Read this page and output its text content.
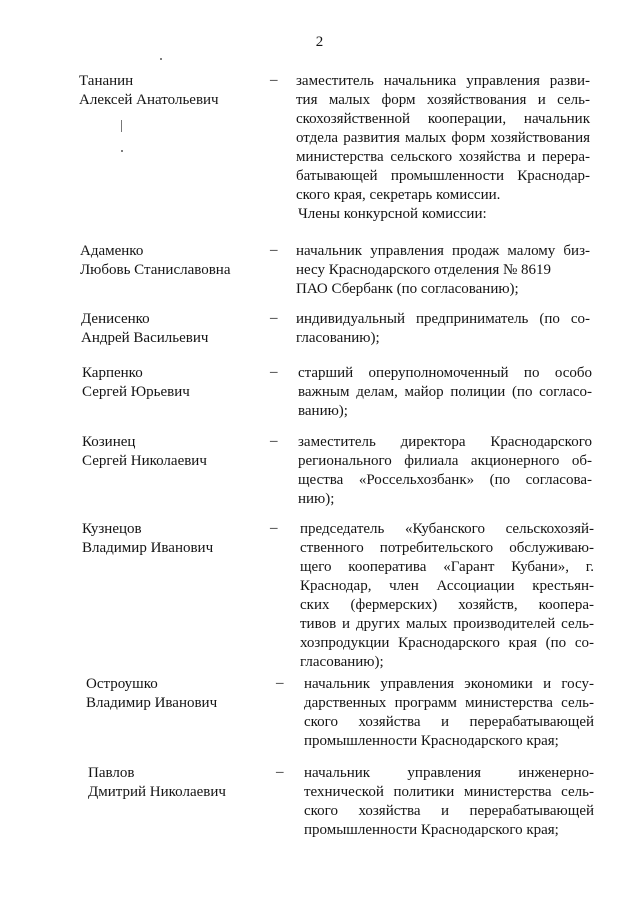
2
Тананин
Алексей Анатольевич
– заместитель начальника управления разви-
тия малых форм хозяйствования и сель-
скохозяйственной кооперации, начальник
отдела развития малых форм хозяйствования
министерства сельского хозяйства и перера-
батывающей промышленности Краснодар-
ского края, секретарь комиссии.
Члены конкурсной комиссии:
Адаменко
Любовь Станиславовна
– начальник управления продаж малому биз-
несу Краснодарского отделения № 8619
ПАО Сбербанк (по согласованию);
Денисенко
Андрей Васильевич
– индивидуальный предприниматель (по со-
гласованию);
Карпенко
Сергей Юрьевич
– старший оперуполномоченный по особо
важным делам, майор полиции (по согласо-
ванию);
Козинец
Сергей Николаевич
– заместитель директора Краснодарского
регионального филиала акционерного об-
щества «Россельхозбанк» (по согласова-
нию);
Кузнецов
Владимир Иванович
– председатель «Кубанского сельскохозяй-
ственного потребительского обслуживаю-
щего кооператива «Гарант Кубани», г.
Краснодар, член Ассоциации крестьян-
ских (фермерских) хозяйств, коопера-
тивов и других малых производителей сель-
хозпродукции Краснодарского края (по со-
гласованию);
Остроушко
Владимир Иванович
– начальник управления экономики и госу-
дарственных программ министерства сель-
ского хозяйства и перерабатывающей
промышленности Краснодарского края;
Павлов
Дмитрий Николаевич
– начальник управления инженерно-
технической политики министерства сель-
ского хозяйства и перерабатывающей
промышленности Краснодарского края;
